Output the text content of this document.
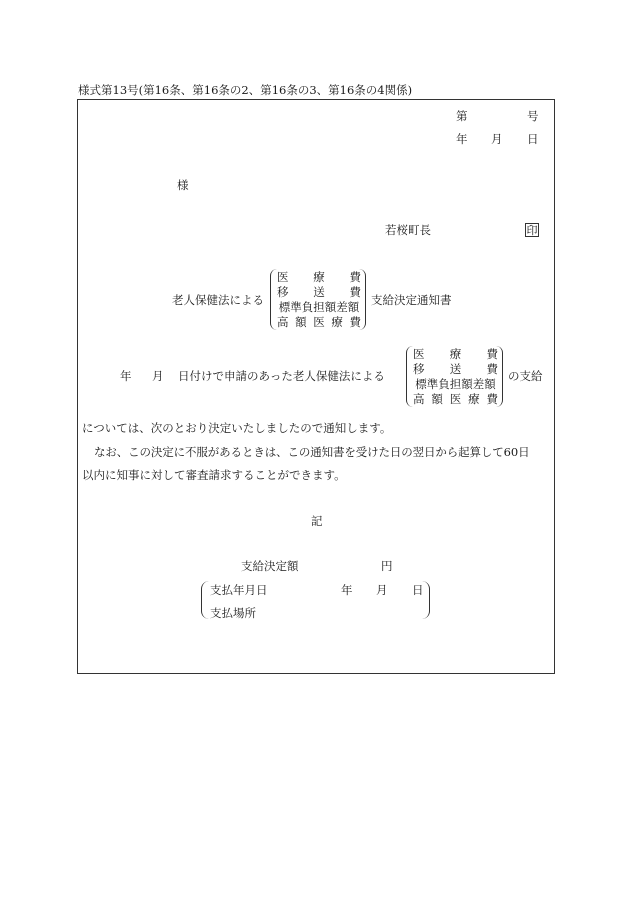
様式第13号(第16条、第16条の2、第16条の3、第16条の4関係)
第	号
年 月 日
様
若桜町長	印
老人保健法による
医 療 費
移 送 費
標準負担額差額
高 額 医 療 費
支給決定通知書
年 月 日付けで申請のあった老人保健法による
医 療 費
移 送 費
標準負担額差額
高 額 医 療 費
の支給
については、次のとおり決定いたしましたので通知します。
なお、この決定に不服があるときは、この通知書を受けた日の翌日から起算して60日
以内に知事に対して審査請求することができます。
記
支給決定額	円
支払年月日	年 月 日
支払場所
